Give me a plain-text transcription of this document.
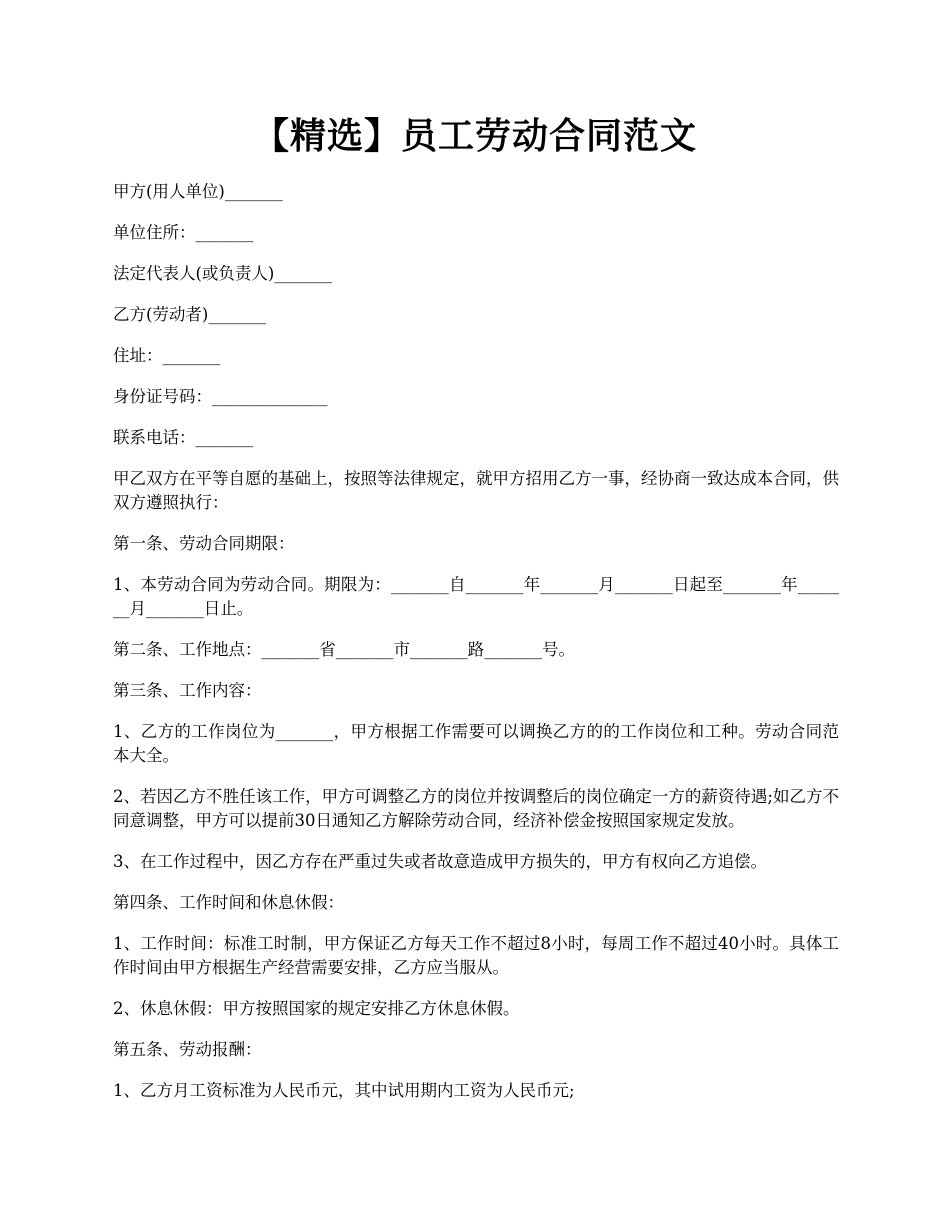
【精选】员工劳动合同范文

甲方(用人单位)_______

单位住所：_______

法定代表人(或负责人)_______

乙方(劳动者)_______

住址：_______

身份证号码：______________

联系电话：_______

甲乙双方在平等自愿的基础上，按照等法律规定，就甲方招用乙方一事，经协商一致达成本合同，供双方遵照执行：

第一条、劳动合同期限：

1、本劳动合同为劳动合同。期限为：_______自_______年_______月_______日起至_______年_______月_______日止。

第二条、工作地点：_______省_______市_______路_______号。

第三条、工作内容：

1、乙方的工作岗位为_______，甲方根据工作需要可以调换乙方的的工作岗位和工种。劳动合同范本大全。

2、若因乙方不胜任该工作，甲方可调整乙方的岗位并按调整后的岗位确定一方的薪资待遇;如乙方不同意调整，甲方可以提前30日通知乙方解除劳动合同，经济补偿金按照国家规定发放。

3、在工作过程中，因乙方存在严重过失或者故意造成甲方损失的，甲方有权向乙方追偿。

第四条、工作时间和休息休假：

1、工作时间：标准工时制，甲方保证乙方每天工作不超过8小时，每周工作不超过40小时。具体工作时间由甲方根据生产经营需要安排，乙方应当服从。

2、休息休假：甲方按照国家的规定安排乙方休息休假。

第五条、劳动报酬：

1、乙方月工资标准为人民币元，其中试用期内工资为人民币元;
